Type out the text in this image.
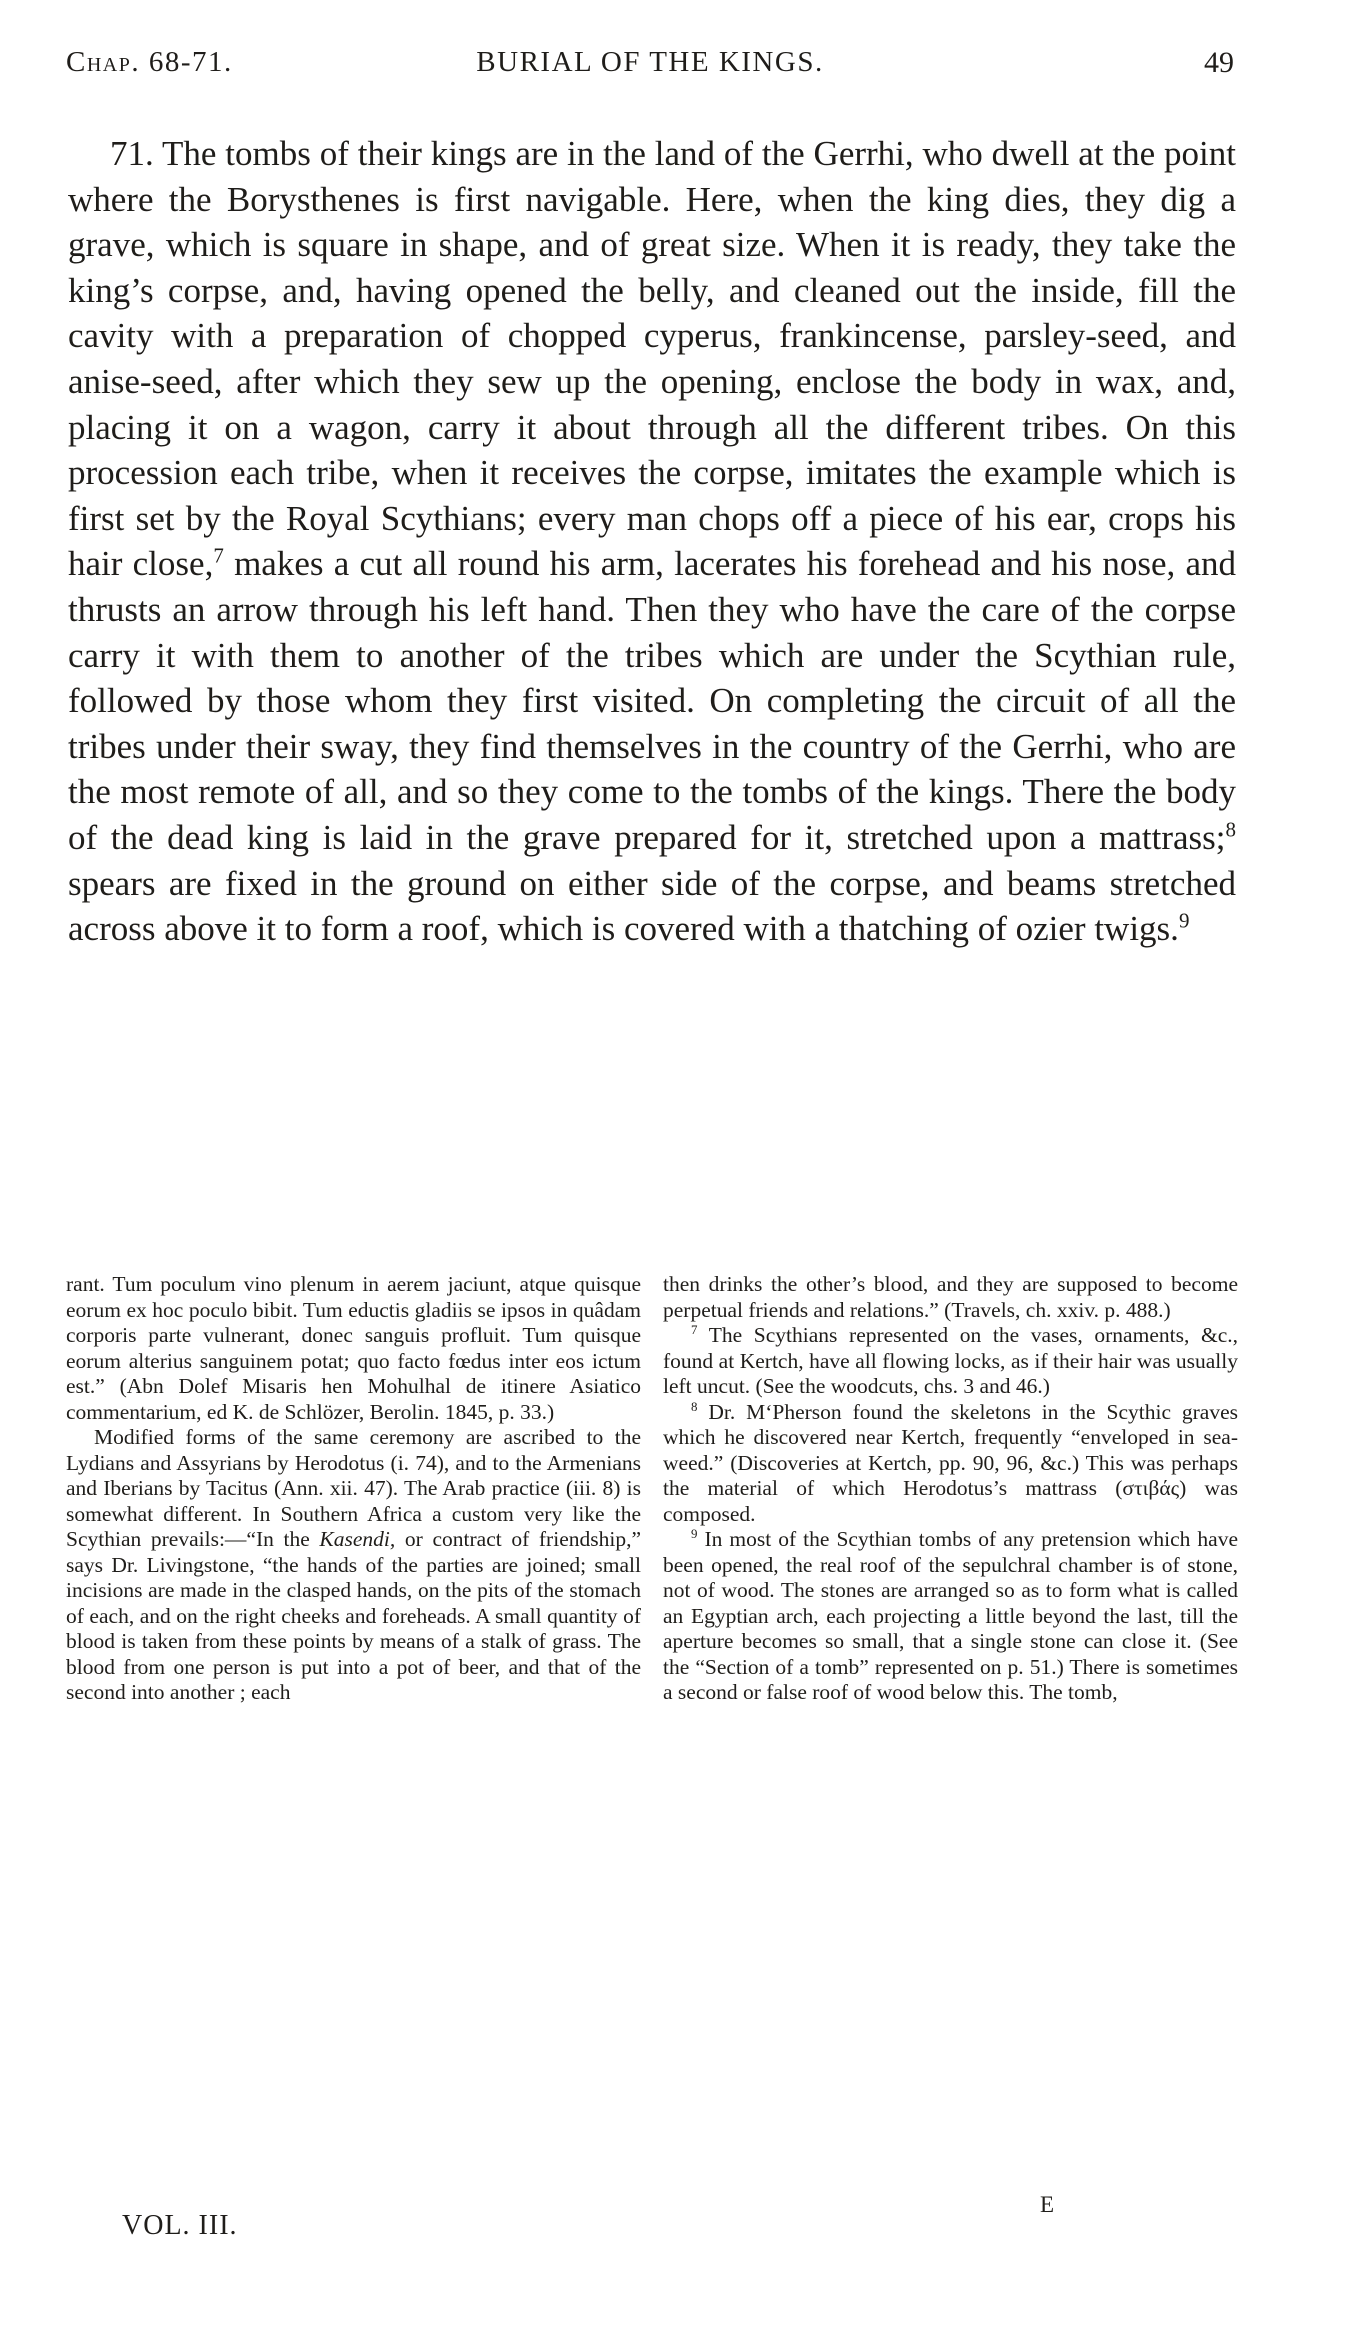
Chap. 68-71.	BURIAL OF THE KINGS.	49

71. The tombs of their kings are in the land of the Gerrhi, who dwell at the point where the Borysthenes is first navigable. Here, when the king dies, they dig a grave, which is square in shape, and of great size. When it is ready, they take the king’s corpse, and, having opened the belly, and cleaned out the inside, fill the cavity with a preparation of chopped cyperus, frankincense, parsley-seed, and anise-seed, after which they sew up the opening, enclose the body in wax, and, placing it on a wagon, carry it about through all the different tribes. On this procession each tribe, when it receives the corpse, imitates the example which is first set by the Royal Scythians; every man chops off a piece of his ear, crops his hair close,$^7$ makes a cut all round his arm, lacerates his forehead and his nose, and thrusts an arrow through his left hand. Then they who have the care of the corpse carry it with them to another of the tribes which are under the Scythian rule, followed by those whom they first visited. On completing the circuit of all the tribes under their sway, they find themselves in the country of the Gerrhi, who are the most remote of all, and so they come to the tombs of the kings. There the body of the dead king is laid in the grave prepared for it, stretched upon a mattrass;$^8$ spears are fixed in the ground on either side of the corpse, and beams stretched across above it to form a roof, which is covered with a thatching of ozier twigs.$^9$

rant. Tum poculum vino plenum in aerem jaciunt, atque quisque eorum ex hoc poculo bibit. Tum eductis gladiis se ipsos in quâdam corporis parte vulnerant, donec sanguis profluit. Tum quisque eorum alterius sanguinem potat; quo facto fœdus inter eos ictum est.” (Abn Dolef Misaris hen Mohulhal de itinere Asiatico commentarium, ed K. de Schlözer, Berolin. 1845, p. 33.)

Modified forms of the same ceremony are ascribed to the Lydians and Assyrians by Herodotus (i. 74), and to the Armenians and Iberians by Tacitus (Ann. xii. 47). The Arab practice (iii. 8) is somewhat different. In Southern Africa a custom very like the Scythian prevails:—“In the Kasendi, or contract of friendship,” says Dr. Livingstone, “the hands of the parties are joined; small incisions are made in the clasped hands, on the pits of the stomach of each, and on the right cheeks and foreheads. A small quantity of blood is taken from these points by means of a stalk of grass. The blood from one person is put into a pot of beer, and that of the second into another ; each

then drinks the other’s blood, and they are supposed to become perpetual friends and relations.” (Travels, ch. xxiv. p. 488.)

$^7$ The Scythians represented on the vases, ornaments, &c., found at Kertch, have all flowing locks, as if their hair was usually left uncut. (See the woodcuts, chs. 3 and 46.)

$^8$ Dr. M‘Pherson found the skeletons in the Scythic graves which he discovered near Kertch, frequently “enveloped in sea-weed.” (Discoveries at Kertch, pp. 90, 96, &c.) This was perhaps the material of which Herodotus’s mattrass (στιβάς) was composed.

$^9$ In most of the Scythian tombs of any pretension which have been opened, the real roof of the sepulchral chamber is of stone, not of wood. The stones are arranged so as to form what is called an Egyptian arch, each projecting a little beyond the last, till the aperture becomes so small, that a single stone can close it. (See the “Section of a tomb” represented on p. 51.) There is sometimes a second or false roof of wood below this. The tomb,

VOL. III.
E
